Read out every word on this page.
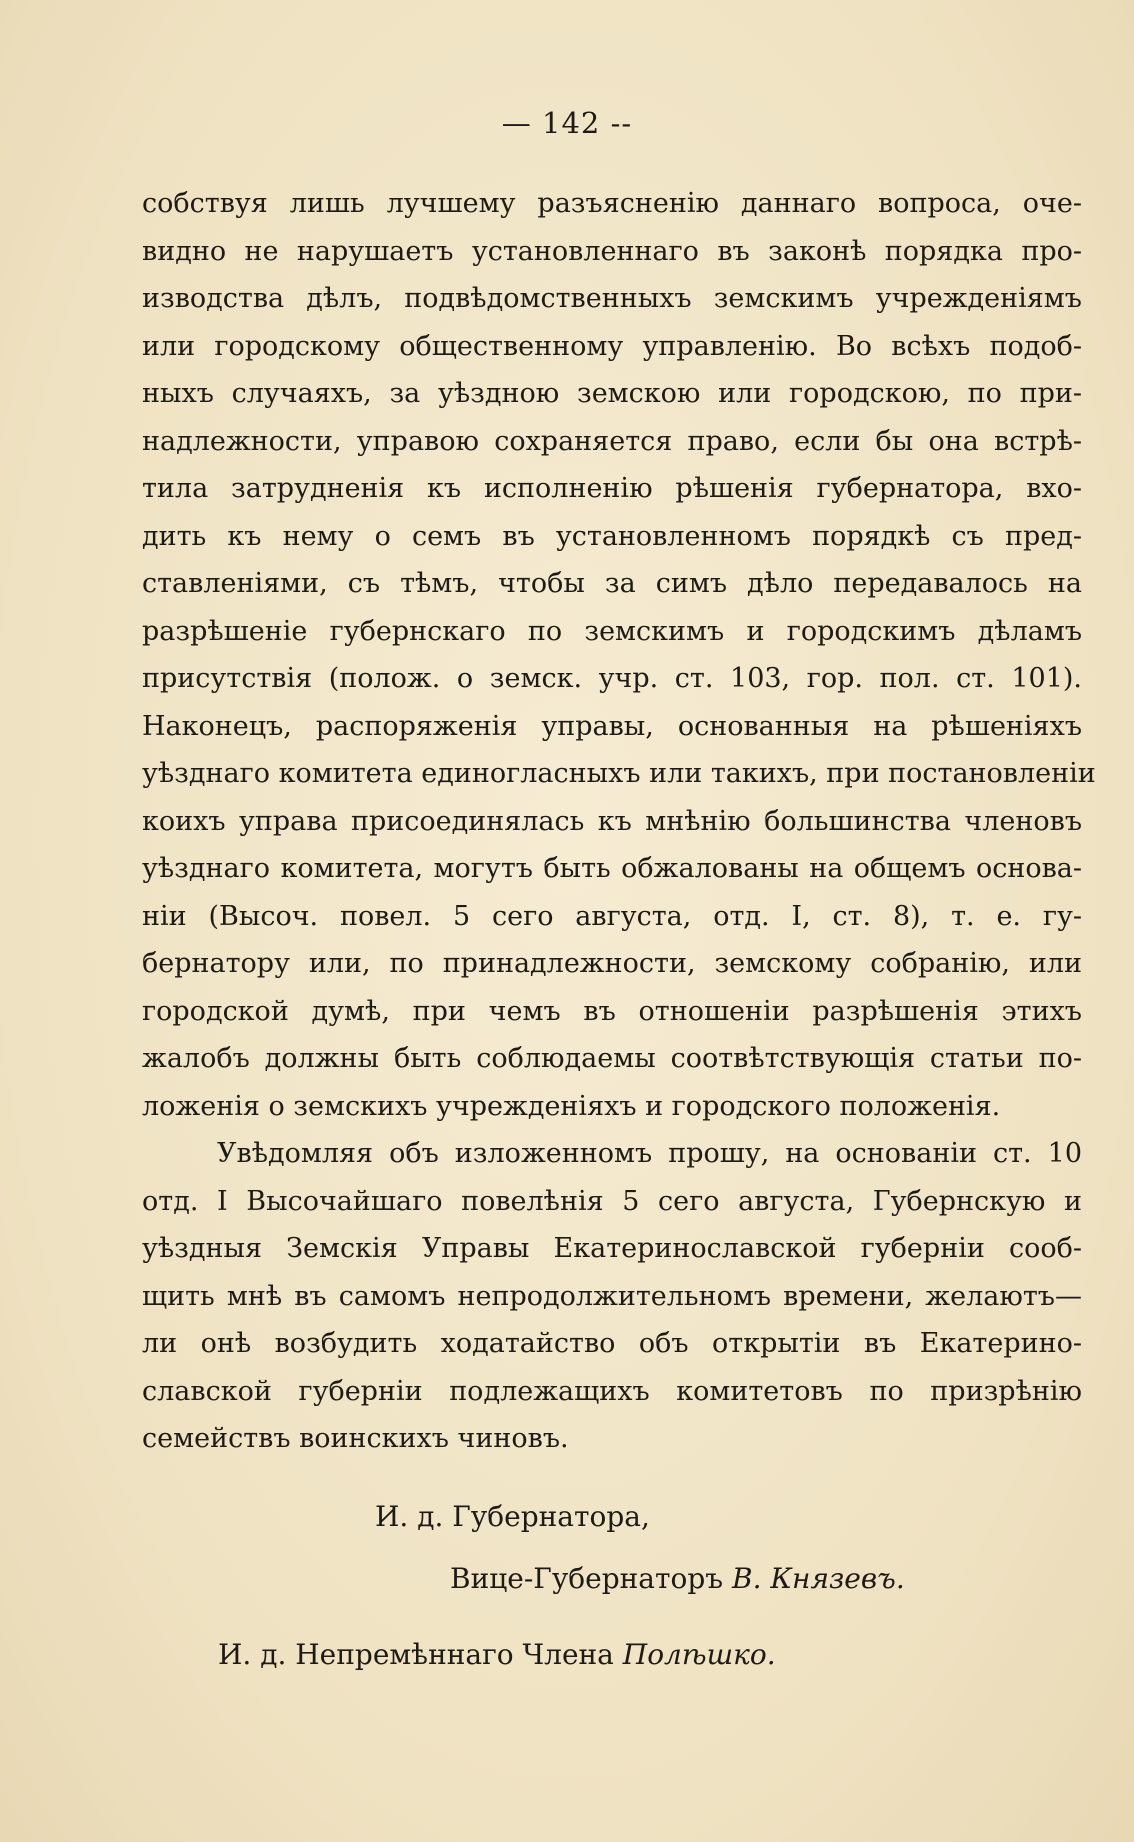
— 142 --
собствуя лишь лучшему разъясненію даннаго вопроса, оче-
видно не нарушаетъ установленнаго въ законѣ порядка про-
изводства дѣлъ, подвѣдомственныхъ земскимъ учрежденіямъ
или городскому общественному управленію. Во всѣхъ подоб-
ныхъ случаяхъ, за уѣздною земскою или городскою, по при-
надлежности, управою сохраняется право, если бы она встрѣ-
тила затрудненія къ исполненію рѣшенія губернатора, вхо-
дить къ нему о семъ въ установленномъ порядкѣ съ пред-
ставленіями, съ тѣмъ, чтобы за симъ дѣло передавалось на
разрѣшеніе губернскаго по земскимъ и городскимъ дѣламъ
присутствія (полож. о земск. учр. ст. 103, гор. пол. ст. 101).
Наконецъ, распоряженія управы, основанныя на рѣшеніяхъ
уѣзднаго комитета единогласныхъ или такихъ, при постановленіи
коихъ управа присоединялась къ мнѣнію большинства членовъ
уѣзднаго комитета, могутъ быть обжалованы на общемъ основа-
ніи (Высоч. повел. 5 сего августа, отд. I, ст. 8), т. е. гу-
бернатору или, по принадлежности, земскому собранію, или
городской думѣ, при чемъ въ отношеніи разрѣшенія этихъ
жалобъ должны быть соблюдаемы соотвѣтствующія статьи по-
ложенія о земскихъ учрежденіяхъ и городского положенія.
Увѣдомляя объ изложенномъ прошу, на основаніи ст. 10
отд. I Высочайшаго повелѣнія 5 сего августа, Губернскую и
уѣздныя Земскія Управы Екатеринославской губерніи сооб-
щить мнѣ въ самомъ непродолжительномъ времени, желаютъ—
ли онѣ возбудить ходатайство объ открытіи въ Екатерино-
славской губерніи подлежащихъ комитетовъ по призрѣнію
семействъ воинскихъ чиновъ.
И. д. Губернатора,
Вице-Губернаторъ В. Князевъ.
И. д. Непремѣннаго Члена Полѣшко.
